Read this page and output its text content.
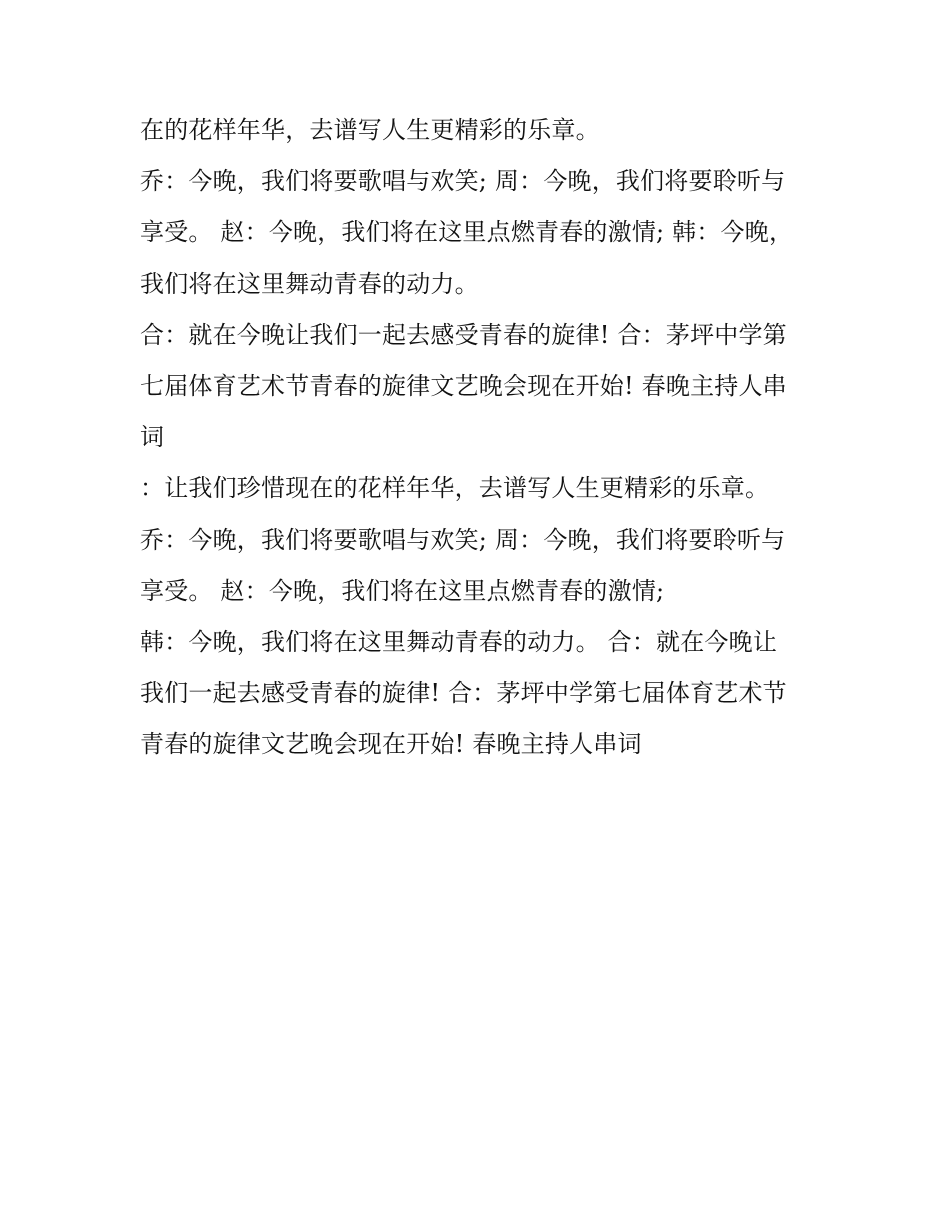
在的花样年华，去谱写人生更精彩的乐章。
乔：今晚，我们将要歌唱与欢笑; 周：今晚，我们将要聆听与
享受。 赵：今晚，我们将在这里点燃青春的激情; 韩：今晚，
我们将在这里舞动青春的动力。
合：就在今晚让我们一起去感受青春的旋律! 合：茅坪中学第
七届体育艺术节青春的旋律文艺晚会现在开始! 春晚主持人串
词
：让我们珍惜现在的花样年华，去谱写人生更精彩的乐章。
乔：今晚，我们将要歌唱与欢笑; 周：今晚，我们将要聆听与
享受。 赵：今晚，我们将在这里点燃青春的激情;
韩：今晚，我们将在这里舞动青春的动力。 合：就在今晚让
我们一起去感受青春的旋律! 合：茅坪中学第七届体育艺术节
青春的旋律文艺晚会现在开始! 春晚主持人串词
